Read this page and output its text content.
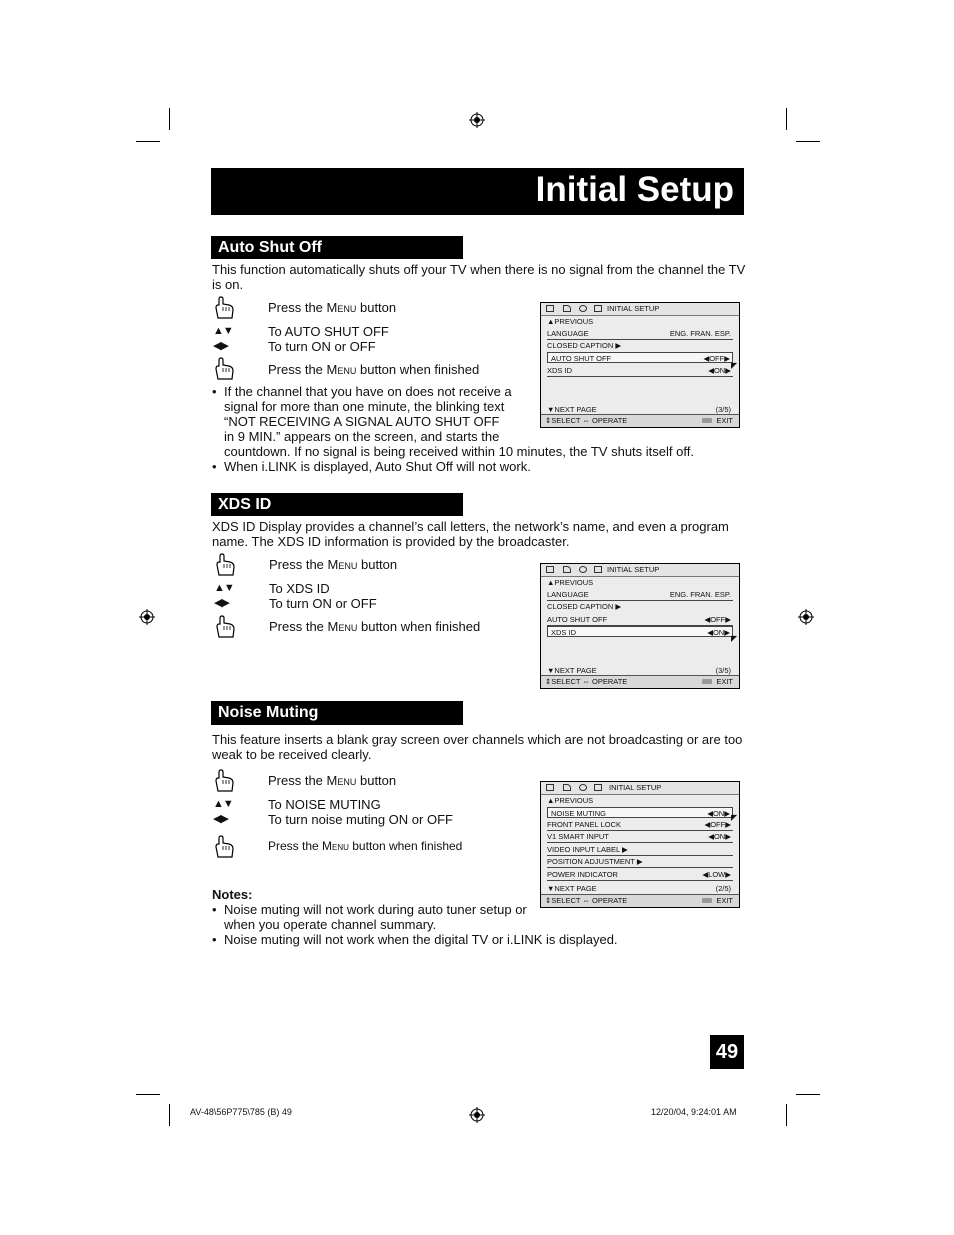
Initial Setup
Auto Shut Off
This function automatically shuts off your TV when there is no signal from the channel the TV is on.
Press the Menu button
▲▼
◀▶
To AUTO SHUT OFF
To turn ON or OFF
Press the Menu button when finished
• If the channel that you have on does not receive a
signal for more than one minute, the blinking text
“NOT RECEIVING A SIGNAL AUTO SHUT OFF
in 9 MIN.” appears on the screen, and starts the
countdown. If no signal is being received within 10 minutes, the TV shuts itself off.
• When i.LINK is displayed, Auto Shut Off will not work.
INITIAL SETUP
▲PREVIOUS
LANGUAGE	ENG. FRAN. ESP.
CLOSED CAPTION ▶
AUTO SHUT OFF	◀OFF▶
XDS ID	◀ON▶
◤
▼NEXT PAGE	(3/5)
⇕SELECT ⇔ OPERATE	EXIT
XDS ID
XDS ID Display provides a channel’s call letters, the network’s name, and even a program name. The XDS ID information is provided by the broadcaster.
Press the Menu button
▲▼
◀▶
To XDS ID
To turn ON or OFF
Press the Menu button when finished
INITIAL SETUP
▲PREVIOUS
LANGUAGE	ENG. FRAN. ESP.
CLOSED CAPTION ▶
AUTO SHUT OFF	◀OFF▶
XDS ID	◀ON▶
◤
▼NEXT PAGE	(3/5)
⇕SELECT ⇔ OPERATE	EXIT
Noise Muting
This feature inserts a blank gray screen over channels which are not broadcasting or are too weak to be received clearly.
Press the Menu button
▲▼
◀▶
To NOISE MUTING
To turn noise muting ON or OFF
Press the Menu button when finished
Notes:
• Noise muting will not work during auto tuner setup or
when you operate channel summary.
• Noise muting will not work when the digital TV or i.LINK is displayed.
INITIAL SETUP
▲PREVIOUS
NOISE MUTING	◀ON▶ ◤
FRONT PANEL LOCK	◀OFF▶
V1 SMART INPUT	◀ON▶
VIDEO INPUT LABEL ▶
POSITION ADJUSTMENT ▶
POWER INDICATOR	◀LOW▶
▼NEXT PAGE	(2/5)
⇕SELECT ⇔ OPERATE	EXIT
49
AV-48\56P775\785 (B) 49	12/20/04, 9:24:01 AM
